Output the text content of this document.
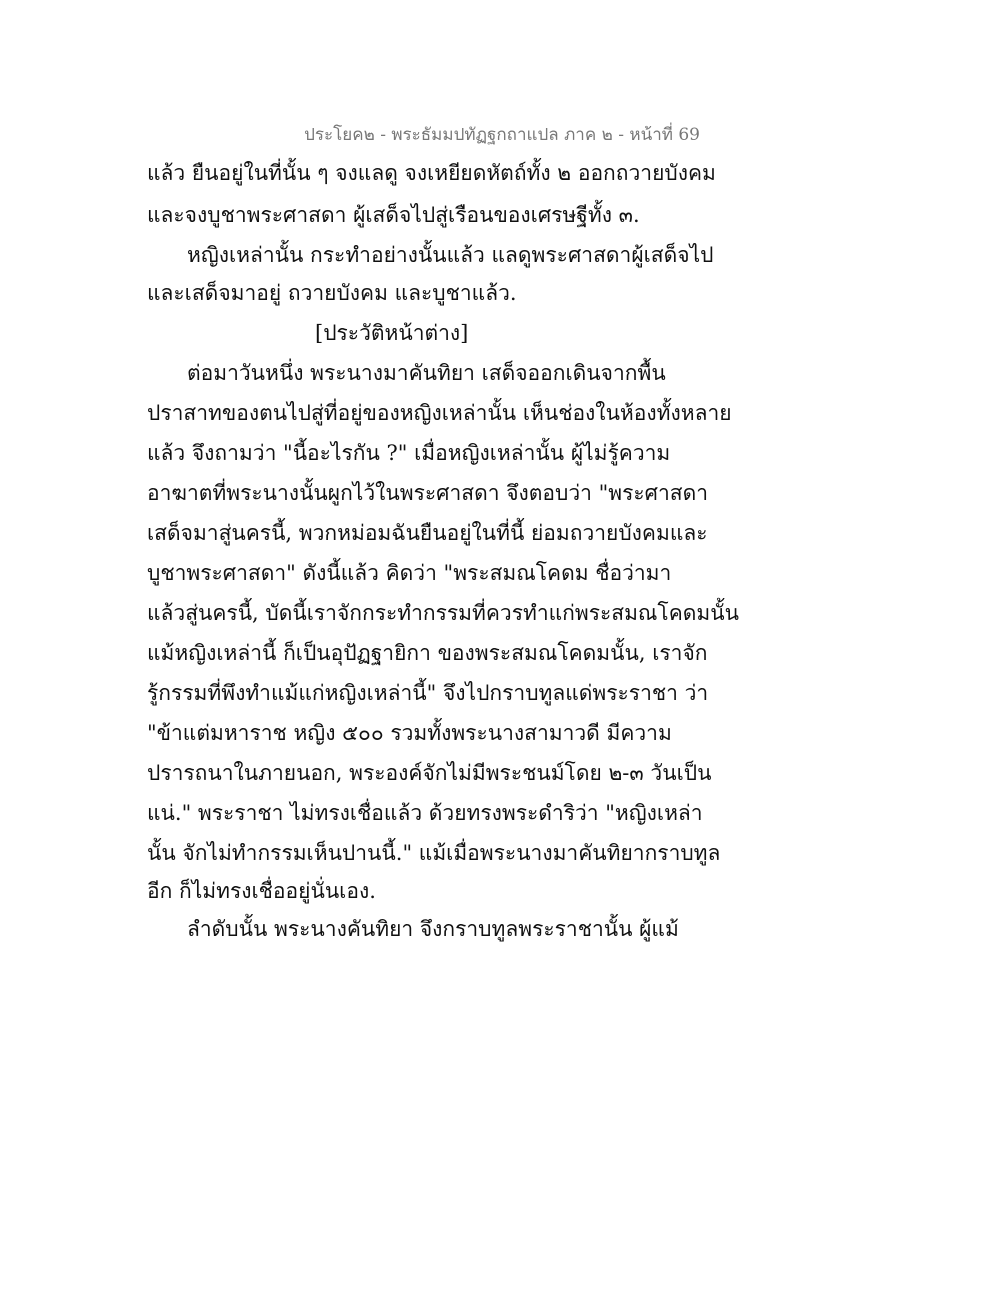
ประโยค๒ - พระธัมมปทัฏฐกถาแปล ภาค ๒ - หน้าที่ 69
แล้ว ยืนอยู่ในที่นั้น ๆ จงแลดู จงเหยียดหัตถ์ทั้ง ๒ ออกถวายบังคม
และจงบูชาพระศาสดา ผู้เสด็จไปสู่เรือนของเศรษฐีทั้ง ๓.
หญิงเหล่านั้น กระทำอย่างนั้นแล้ว แลดูพระศาสดาผู้เสด็จไป
และเสด็จมาอยู่ ถวายบังคม และบูชาแล้ว.
[ประวัติหน้าต่าง]
ต่อมาวันหนึ่ง พระนางมาคันทิยา เสด็จออกเดินจากพื้น
ปราสาทของตนไปสู่ที่อยู่ของหญิงเหล่านั้น เห็นช่องในห้องทั้งหลาย
แล้ว จึงถามว่า "นี้อะไรกัน ?" เมื่อหญิงเหล่านั้น ผู้ไม่รู้ความ
อาฆาตที่พระนางนั้นผูกไว้ในพระศาสดา จึงตอบว่า "พระศาสดา
เสด็จมาสู่นครนี้, พวกหม่อมฉันยืนอยู่ในที่นี้ ย่อมถวายบังคมและ
บูชาพระศาสดา" ดังนี้แล้ว คิดว่า "พระสมณโคดม ชื่อว่ามา
แล้วสู่นครนี้, บัดนี้เราจักกระทำกรรมที่ควรทำแก่พระสมณโคดมนั้น
แม้หญิงเหล่านี้ ก็เป็นอุปัฏฐายิกา ของพระสมณโคดมนั้น, เราจัก
รู้กรรมที่พึงทำแม้แก่หญิงเหล่านี้" จึงไปกราบทูลแด่พระราชา ว่า
"ข้าแต่มหาราช หญิง ๕๐๐ รวมทั้งพระนางสามาวดี มีความ
ปรารถนาในภายนอก, พระองค์จักไม่มีพระชนม์โดย ๒-๓ วันเป็น
แน่." พระราชา ไม่ทรงเชื่อแล้ว ด้วยทรงพระดำริว่า "หญิงเหล่า
นั้น จักไม่ทำกรรมเห็นปานนี้." แม้เมื่อพระนางมาคันทิยากราบทูล
อีก ก็ไม่ทรงเชื่ออยู่นั่นเอง.
ลำดับนั้น พระนางคันทิยา จึงกราบทูลพระราชานั้น ผู้แม้
